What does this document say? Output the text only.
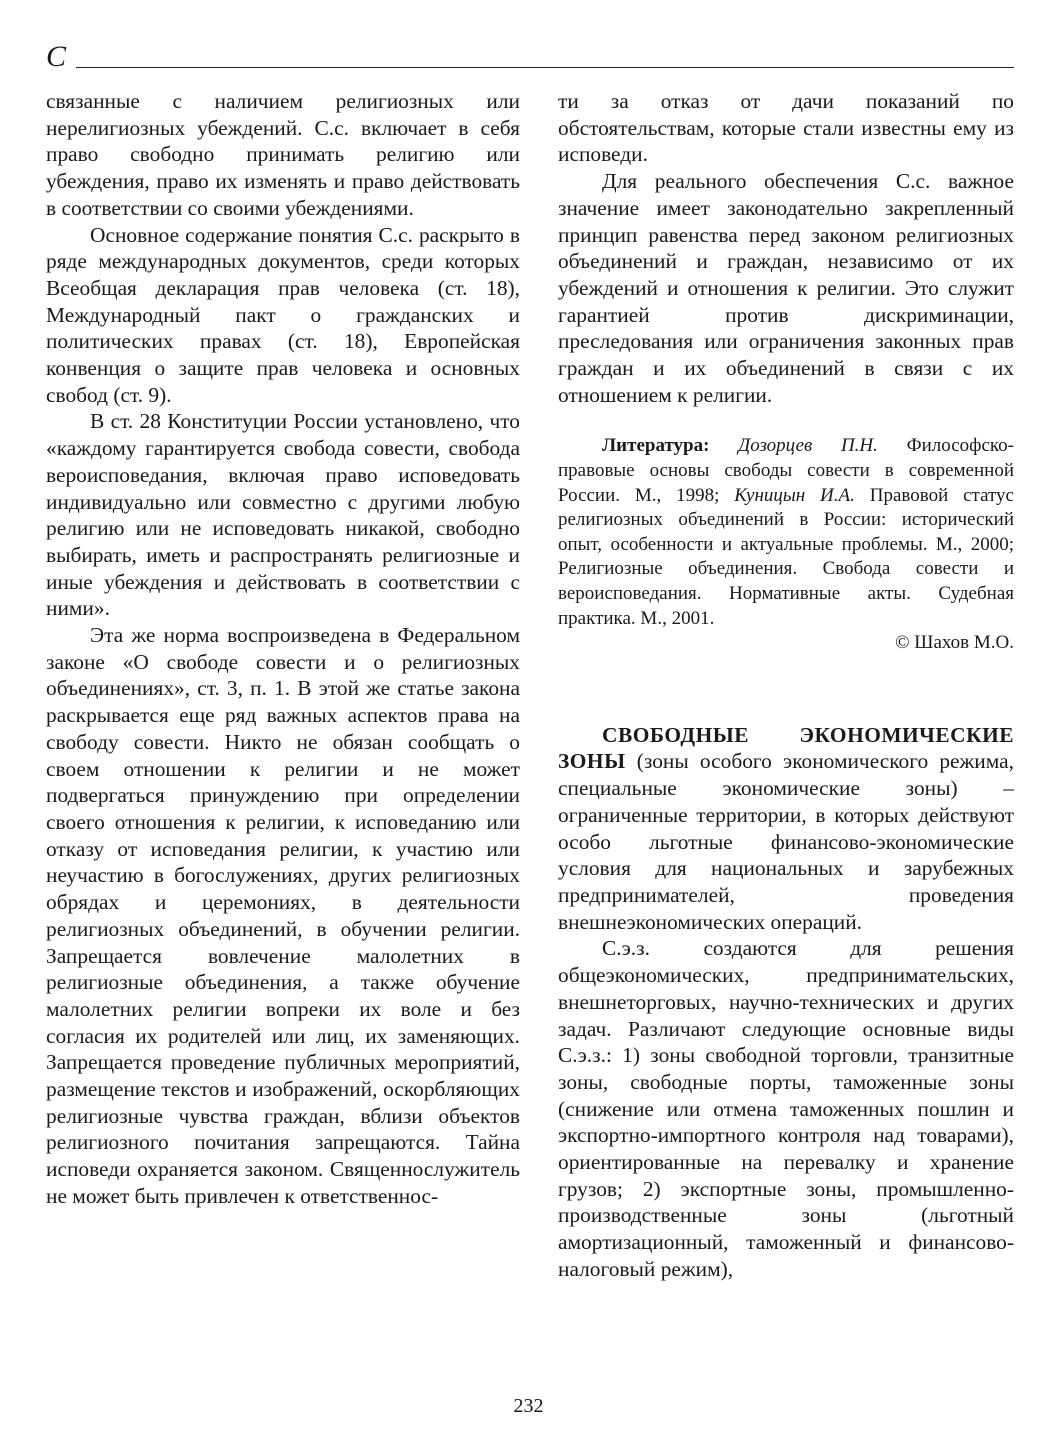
С

связанные с наличием религиозных или нерелигиозных убеждений. С.с. включает в себя право свободно принимать религию или убеждения, право их изменять и право действовать в соответствии со своими убеждениями.

Основное содержание понятия С.с. раскрыто в ряде международных документов, среди которых Всеобщая декларация прав человека (ст. 18), Международный пакт о гражданских и политических правах (ст. 18), Европейская конвенция о защите прав человека и основных свобод (ст. 9).

В ст. 28 Конституции России установлено, что «каждому гарантируется свобода совести, свобода вероисповедания, включая право исповедовать индивидуально или совместно с другими любую религию или не исповедовать никакой, свободно выбирать, иметь и распространять религиозные и иные убеждения и действовать в соответствии с ними».

Эта же норма воспроизведена в Федеральном законе «О свободе совести и о религиозных объединениях», ст. 3, п. 1. В этой же статье закона раскрывается еще ряд важных аспектов права на свободу совести. Никто не обязан сообщать о своем отношении к религии и не может подвергаться принуждению при определении своего отношения к религии, к исповеданию или отказу от исповедания религии, к участию или неучастию в богослужениях, других религиозных обрядах и церемониях, в деятельности религиозных объединений, в обучении религии. Запрещается вовлечение малолетних в религиозные объединения, а также обучение малолетних религии вопреки их воле и без согласия их родителей или лиц, их заменяющих. Запрещается проведение публичных мероприятий, размещение текстов и изображений, оскорбляющих религиозные чувства граждан, вблизи объектов религиозного почитания запрещаются. Тайна исповеди охраняется законом. Священнослужитель не может быть привлечен к ответственнос-

ти за отказ от дачи показаний по обстоятельствам, которые стали известны ему из исповеди.

Для реального обеспечения С.с. важное значение имеет законодательно закрепленный принцип равенства перед законом религиозных объединений и граждан, независимо от их убеждений и отношения к религии. Это служит гарантией против дискриминации, преследования или ограничения законных прав граждан и их объединений в связи с их отношением к религии.

Литература: Дозорцев П.Н. Философско-правовые основы свободы совести в современной России. М., 1998; Куницын И.А. Правовой статус религиозных объединений в России: исторический опыт, особенности и актуальные проблемы. М., 2000; Религиозные объединения. Свобода совести и вероисповедания. Нормативные акты. Судебная практика. М., 2001.

© Шахов М.О.

СВОБОДНЫЕ ЭКОНОМИЧЕСКИЕ ЗОНЫ (зоны особого экономического режима, специальные экономические зоны) – ограниченные территории, в которых действуют особо льготные финансово-экономические условия для национальных и зарубежных предпринимателей, проведения внешнеэкономических операций.

С.э.з. создаются для решения общеэкономических, предпринимательских, внешнеторговых, научно-технических и других задач. Различают следующие основные виды С.э.з.: 1) зоны свободной торговли, транзитные зоны, свободные порты, таможенные зоны (снижение или отмена таможенных пошлин и экспортно-импортного контроля над товарами), ориентированные на перевалку и хранение грузов; 2) экспортные зоны, промышленно-производственные зоны (льготный амортизационный, таможенный и финансово-налоговый режим),

232
